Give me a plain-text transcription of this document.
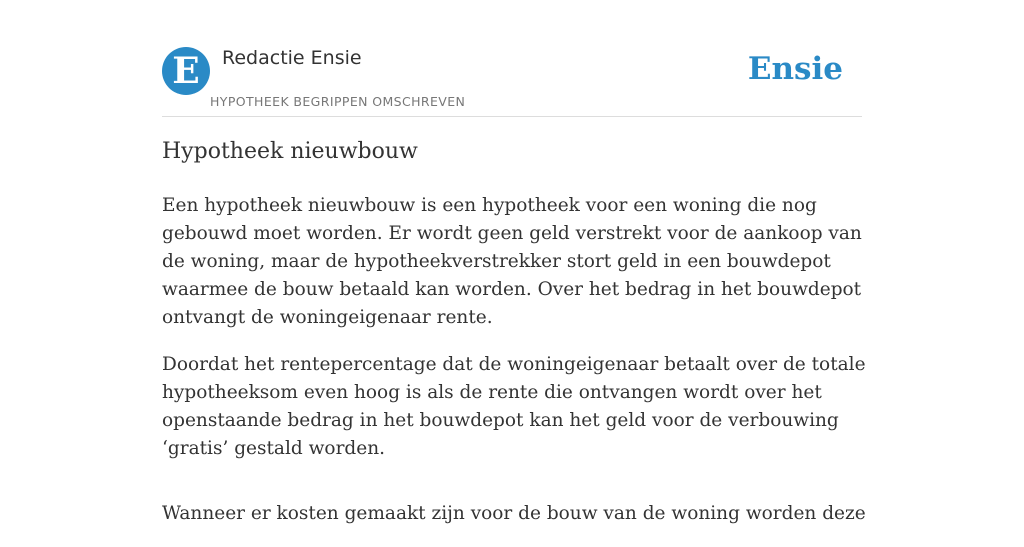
E	Redactie Ensie
HYPOTHEEK BEGRIPPEN OMSCHREVEN
Ensie
Hypotheek nieuwbouw

Een hypotheek nieuwbouw is een hypotheek voor een woning die nog gebouwd moet worden. Er wordt geen geld verstrekt voor de aankoop van de woning, maar de hypotheekverstrekker stort geld in een bouwdepot waarmee de bouw betaald kan worden. Over het bedrag in het bouwdepot ontvangt de woningeigenaar rente.

Doordat het rentepercentage dat de woningeigenaar betaalt over de totale hypotheeksom even hoog is als de rente die ontvangen wordt over het openstaande bedrag in het bouwdepot kan het geld voor de verbouwing ‘gratis’ gestald worden.

Wanneer er kosten gemaakt zijn voor de bouw van de woning worden deze
